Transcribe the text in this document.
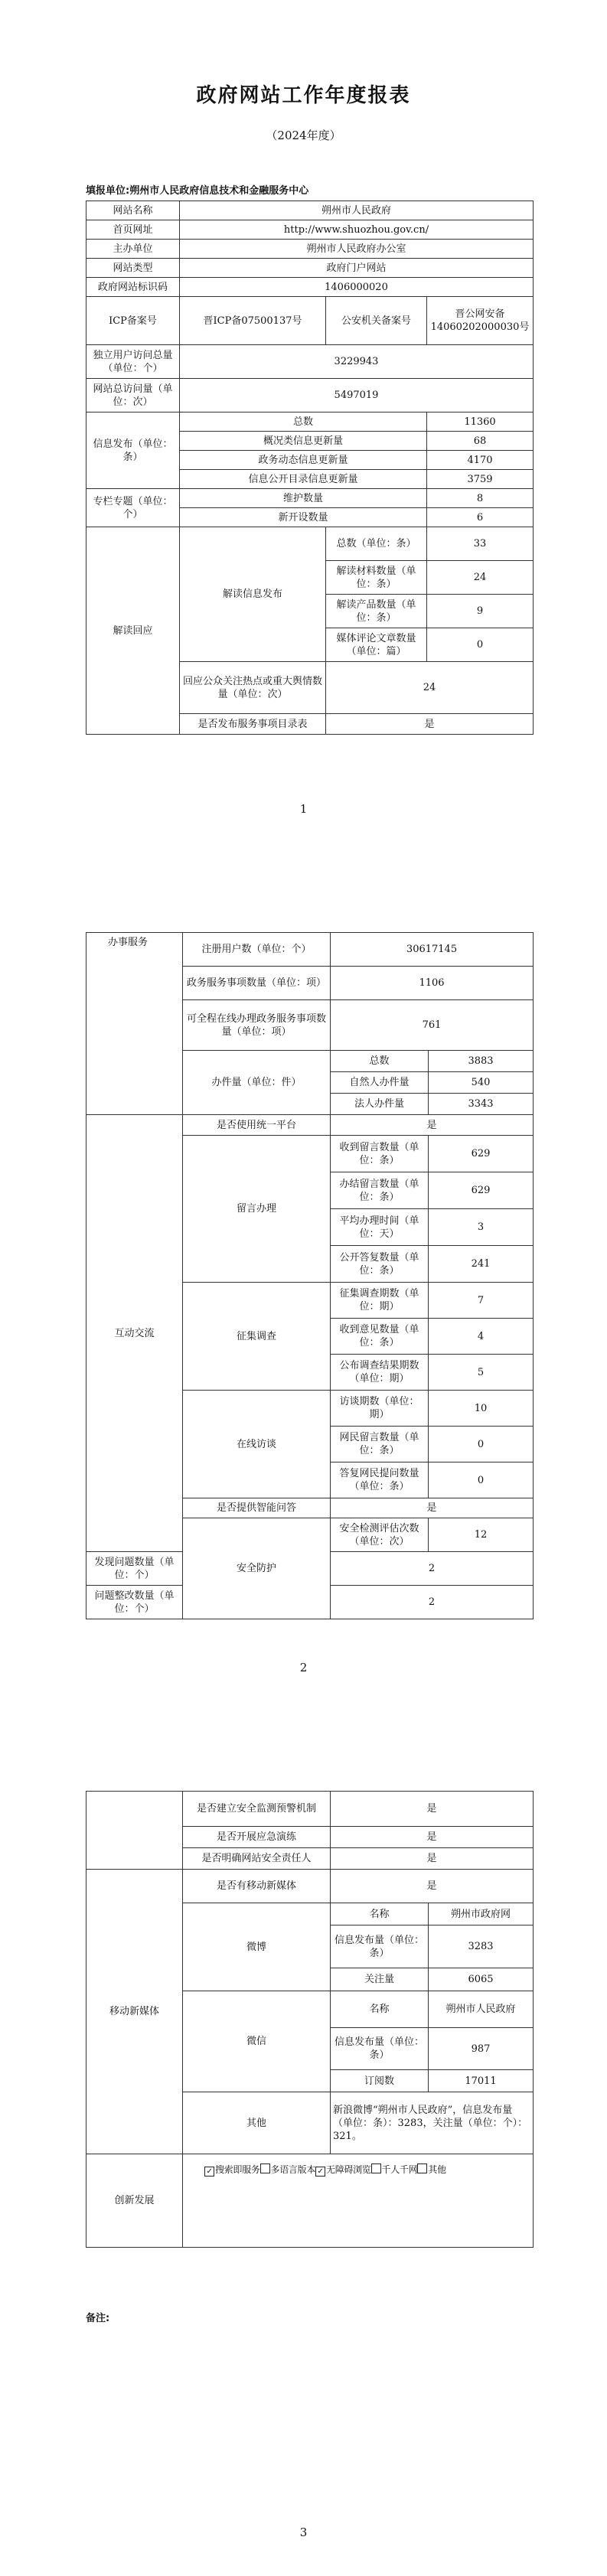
政府网站工作年度报表
（2024年度）
填报单位:朔州市人民政府信息技术和金融服务中心
网站名称	朔州市人民政府		
首页网址	http://www.shuozhou.gov.cn/		
主办单位	朔州市人民政府办公室		
网站类型	政府门户网站		
政府网站标识码	1406000020		
ICP备案号	晋ICP备07500137号	公安机关备案号	晋公网安备14060202000030号
独立用户访问总量（单位：个）	3229943		
网站总访问量（单位：次）	5497019		
信息发布（单位：条）	总数		11360
	概况类信息更新量		68
	政务动态信息更新量		4170
	信息公开目录信息更新量		3759
专栏专题（单位：个）	维护数量		8
	新开设数量		6
解读回应	解读信息发布	总数（单位：条）	33
		解读材料数量（单位：条）	24
		解读产品数量（单位：条）	9
		媒体评论文章数量（单位：篇）	0
	回应公众关注热点或重大舆情数量（单位：次）	24	
	是否发布服务事项目录表	是	
1
办事服务	注册用户数（单位：个）	30617145	
	政务服务事项数量（单位：项）	1106	
	可全程在线办理政务服务事项数量（单位：项）	761	
	办件量（单位：件）	总数	3883
		自然人办件量	540
		法人办件量	3343
互动交流	是否使用统一平台	是	
	留言办理	收到留言数量（单位：条）	629
		办结留言数量（单位：条）	629
		平均办理时间（单位：天）	3
		公开答复数量（单位：条）	241
	征集调查	征集调查期数（单位：期）	7
		收到意见数量（单位：条）	4
		公布调查结果期数（单位：期）	5
	在线访谈	访谈期数（单位：期）	10
		网民留言数量（单位：条）	0
		答复网民提问数量（单位：条）	0
	是否提供智能问答	是	
	安全防护	安全检测评估次数（单位：次）	12
发现问题数量（单位：个）		2	
问题整改数量（单位：个）		2	
2
	是否建立安全监测预警机制	是	
	是否开展应急演练	是	
	是否明确网站安全责任人	是	
移动新媒体	是否有移动新媒体	是	
	微博	名称	朔州市政府网
		信息发布量（单位：条）	3283
		关注量	6065
	微信	名称	朔州市人民政府
		信息发布量（单位：条）	987
		订阅数	17011
	其他	新浪微博“朔州市人民政府”，信息发布量（单位：条）：3283，关注量（单位：个）：321。	
创新发展	✓ 搜索即服务 多语言版本 ✓ 无障碍浏览 千人千网 其他		
备注:
3
